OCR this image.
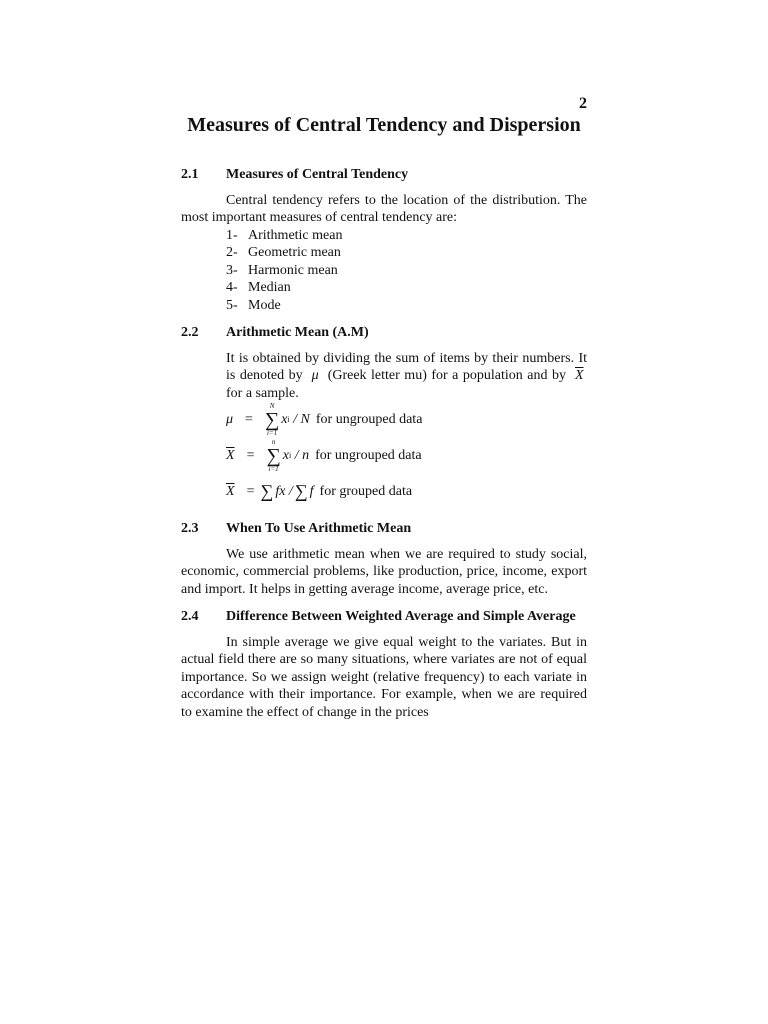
2
Measures of Central Tendency and Dispersion
2.1	Measures of Central Tendency

Central tendency refers to the location of the distribution. The most important measures of central tendency are:

1- Arithmetic mean
2- Geometric mean
3- Harmonic mean
4- Median
5- Mode
2.2	Arithmetic Mean (A.M)

It is obtained by dividing the sum of items by their numbers. It is denoted by μ (Greek letter mu) for a population and by $\overline{X}$  for a sample.

μ =
N
∑
i=1
x i
/ N for ungrouped data
$\overline{X}$ =
n
∑
i=1
x i
/ n for ungrouped data
$\overline{X}$ = ∑ fx / ∑ f for grouped data
2.3	When To Use Arithmetic Mean

We use arithmetic mean when we are required to study social, economic, commercial problems, like production, price, income, export and import. It helps in getting average income, average price, etc.

2.4	Difference Between Weighted Average and Simple Average

In simple average we give equal weight to the variates. But in actual field there are so many situations, where variates are not of equal importance. So we assign weight (relative frequency) to each variate in accordance with their importance. For example, when we are required to examine the effect of change in the prices
